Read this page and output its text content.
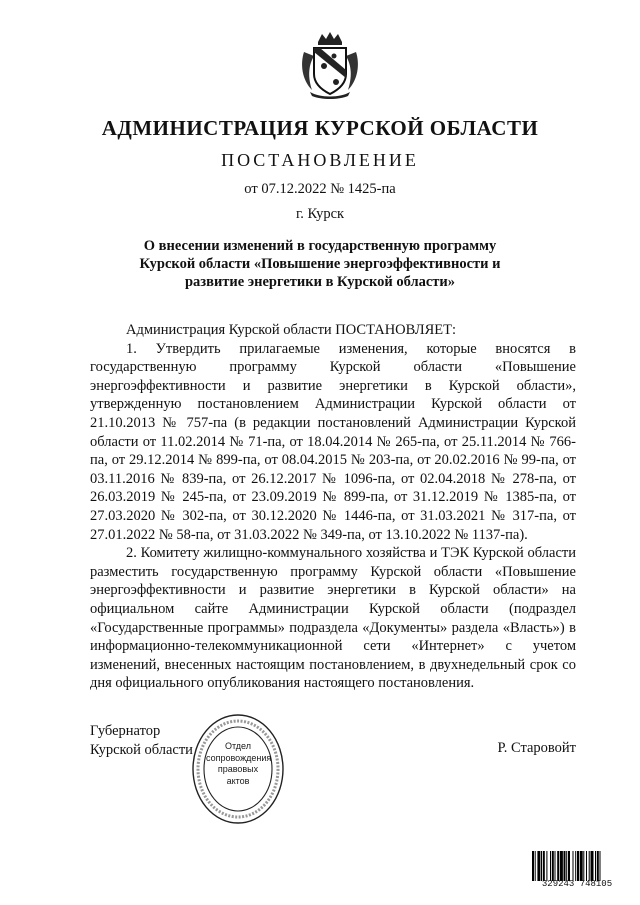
АДМИНИСТРАЦИЯ КУРСКОЙ ОБЛАСТИ
ПОСТАНОВЛЕНИЕ
от 07.12.2022 № 1425-па
г. Курск
О внесении изменений в государственную программу
Курской области «Повышение энергоэффективности и
развитие энергетики в Курской области»

Администрация Курской области ПОСТАНОВЛЯЕТ:

1. Утвердить прилагаемые изменения, которые вносятся в государственную программу Курской области «Повышение энергоэффективности и развитие энергетики в Курской области», утвержденную постановлением Администрации Курской области от 21.10.2013 № 757-па (в редакции постановлений Администрации Курской области от 11.02.2014 № 71-па, от 18.04.2014 № 265-па, от 25.11.2014 № 766-па, от 29.12.2014 № 899-па, от 08.04.2015 № 203-па, от 20.02.2016 № 99-па, от 03.11.2016 № 839-па, от 26.12.2017 № 1096-па, от 02.04.2018 № 278-па, от 26.03.2019 № 245-па, от 23.09.2019 № 899-па, от 31.12.2019 № 1385-па, от 27.03.2020 № 302-па, от 30.12.2020 № 1446-па, от 31.03.2021 № 317-па, от 27.01.2022 № 58-па, от 31.03.2022 № 349-па, от 13.10.2022 № 1137-па).

2. Комитету жилищно-коммунального хозяйства и ТЭК Курской области разместить государственную программу Курской области «Повышение энергоэффективности и развитие энергетики в Курской области» на официальном сайте Администрации Курской области (подраздел «Государственные программы» подраздела «Документы» раздела «Власть») в информационно-телекоммуникационной сети «Интернет» с учетом изменений, внесенных настоящим постановлением, в двухнедельный срок со дня официального опубликования настоящего постановления.

Губернатор
Курской области	Р. Старовойт
Отдел
сопровождения
правовых
актов
329243 748105
